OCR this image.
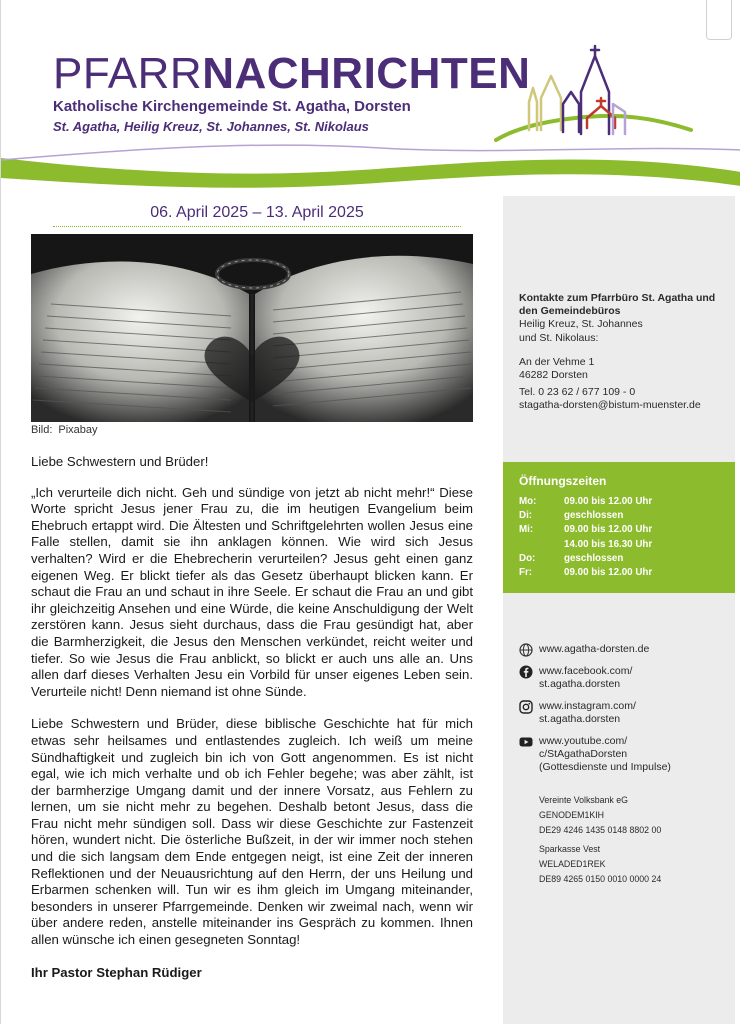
PFARRNACHRICHTEN
Katholische Kirchengemeinde St. Agatha, Dorsten
St. Agatha, Heilig Kreuz, St. Johannes, St. Nikolaus
06. April 2025 – 13. April 2025
Bild: Pixabay

Liebe Schwestern und Brüder!

„Ich verurteile dich nicht. Geh und sündige von jetzt ab nicht mehr!“ Diese Worte spricht Jesus jener Frau zu, die im heutigen Evangelium beim Ehebruch ertappt wird. Die Ältesten und Schriftgelehrten wollen Jesus eine Falle stellen, damit sie ihn anklagen können. Wie wird sich Jesus verhalten? Wird er die Ehebrecherin verurteilen? Jesus geht einen ganz eigenen Weg. Er blickt tiefer als das Gesetz überhaupt blicken kann. Er schaut die Frau an und schaut in ihre Seele. Er schaut die Frau an und gibt ihr gleichzeitig Ansehen und eine Würde, die keine Anschuldigung der Welt zerstören kann. Jesus sieht durchaus, dass die Frau gesündigt hat, aber die Barmherzigkeit, die Jesus den Menschen verkündet, reicht weiter und tiefer. So wie Jesus die Frau anblickt, so blickt er auch uns alle an. Uns allen darf dieses Verhalten Jesu ein Vorbild für unser eigenes Leben sein. Verurteile nicht! Denn niemand ist ohne Sünde.

Liebe Schwestern und Brüder, diese biblische Geschichte hat für mich etwas sehr heilsames und entlastendes zugleich. Ich weiß um meine Sündhaftigkeit und zugleich bin ich von Gott angenommen. Es ist nicht egal, wie ich mich verhalte und ob ich Fehler begehe; was aber zählt, ist der barmherzige Umgang damit und der innere Vorsatz, aus Fehlern zu lernen, um sie nicht mehr zu begehen. Deshalb betont Jesus, dass die Frau nicht mehr sündigen soll. Dass wir diese Geschichte zur Fastenzeit hören, wundert nicht. Die österliche Bußzeit, in der wir immer noch stehen und die sich langsam dem Ende entgegen neigt, ist eine Zeit der inneren Reflektionen und der Neuausrichtung auf den Herrn, der uns Heilung und Erbarmen schenken will. Tun wir es ihm gleich im Umgang miteinander, besonders in unserer Pfarrgemeinde. Denken wir zweimal nach, wenn wir über andere reden, anstelle miteinander ins Gespräch zu kommen. Ihnen allen wünsche ich einen gesegneten Sonntag!

Ihr Pastor Stephan Rüdiger

Kontakte zum Pfarrbüro St. Agatha und
den Gemeindebüros
Heilig Kreuz, St. Johannes
und St. Nikolaus:
An der Vehme 1
46282 Dorsten
Tel. 0 23 62 / 677 109 - 0
stagatha-dorsten@bistum-muenster.de
Öffnungszeiten
Mo:	09.00 bis 12.00 Uhr
Di:	geschlossen
Mi:	09.00 bis 12.00 Uhr
14.00 bis 16.30 Uhr
Do:	geschlossen
Fr:	09.00 bis 12.00 Uhr
www.agatha-dorsten.de
www.facebook.com/
st.agatha.dorsten
www.instagram.com/
st.agatha.dorsten
www.youtube.com/
c/StAgathaDorsten
(Gottesdienste und Impulse)
Vereinte Volksbank eG
GENODEM1KIH
DE29 4246 1435 0148 8802 00
Sparkasse Vest
WELADED1REK
DE89 4265 0150 0010 0000 24
